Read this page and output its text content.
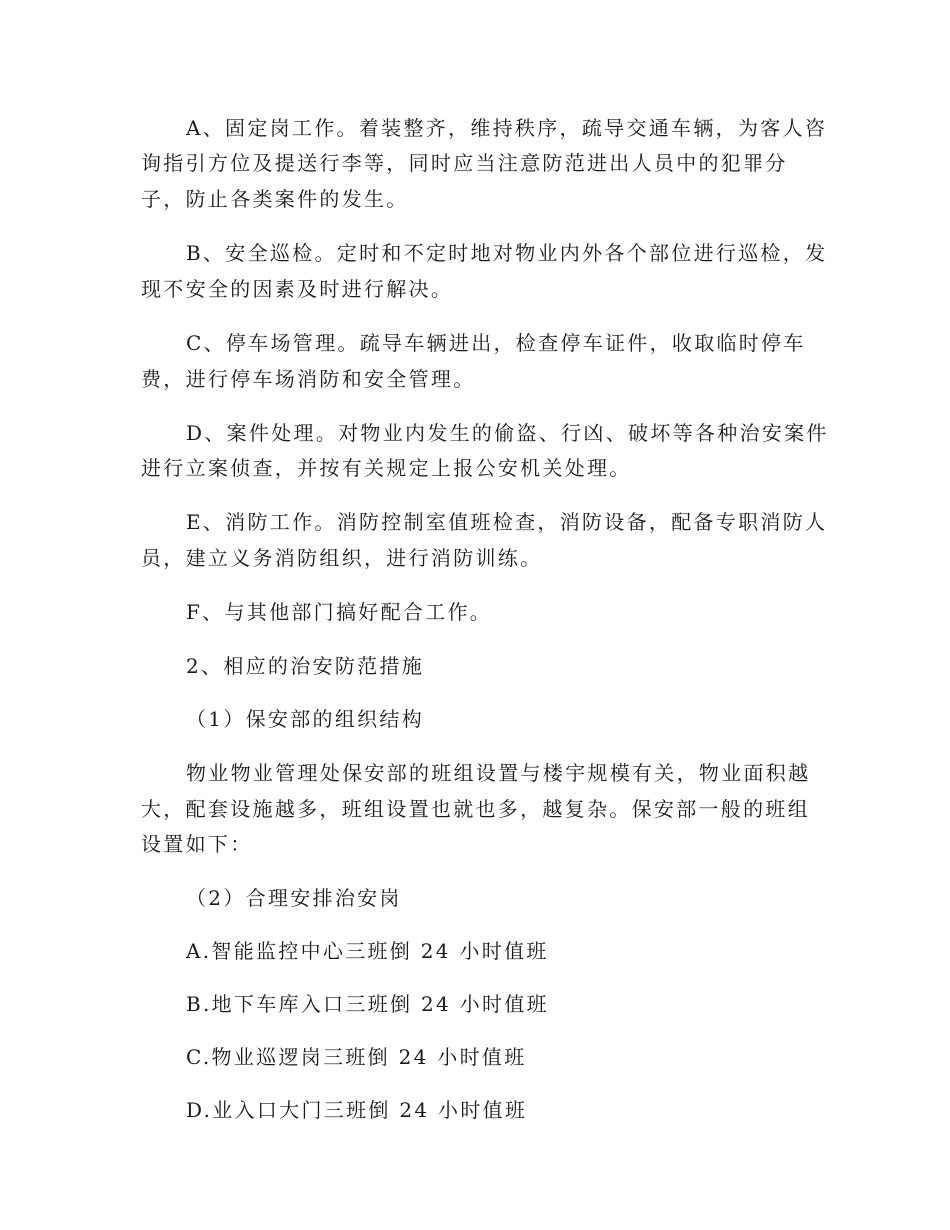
A、固定岗工作。着装整齐，维持秩序，疏导交通车辆，为客人咨
询指引方位及提送行李等，同时应当注意防范进出人员中的犯罪分
子，防止各类案件的发生。
B、安全巡检。定时和不定时地对物业内外各个部位进行巡检，发
现不安全的因素及时进行解决。
C、停车场管理。疏导车辆进出，检查停车证件，收取临时停车
费，进行停车场消防和安全管理。
D、案件处理。对物业内发生的偷盗、行凶、破坏等各种治安案件
进行立案侦查，并按有关规定上报公安机关处理。
E、消防工作。消防控制室值班检查，消防设备，配备专职消防人
员，建立义务消防组织，进行消防训练。
F、与其他部门搞好配合工作。
2、相应的治安防范措施
（1）保安部的组织结构
物业物业管理处保安部的班组设置与楼宇规模有关，物业面积越
大，配套设施越多，班组设置也就也多，越复杂。保安部一般的班组
设置如下：
（2）合理安排治安岗
A.智能监控中心三班倒 24 小时值班
B.地下车库入口三班倒 24 小时值班
C.物业巡逻岗三班倒 24 小时值班
D.业入口大门三班倒 24 小时值班
